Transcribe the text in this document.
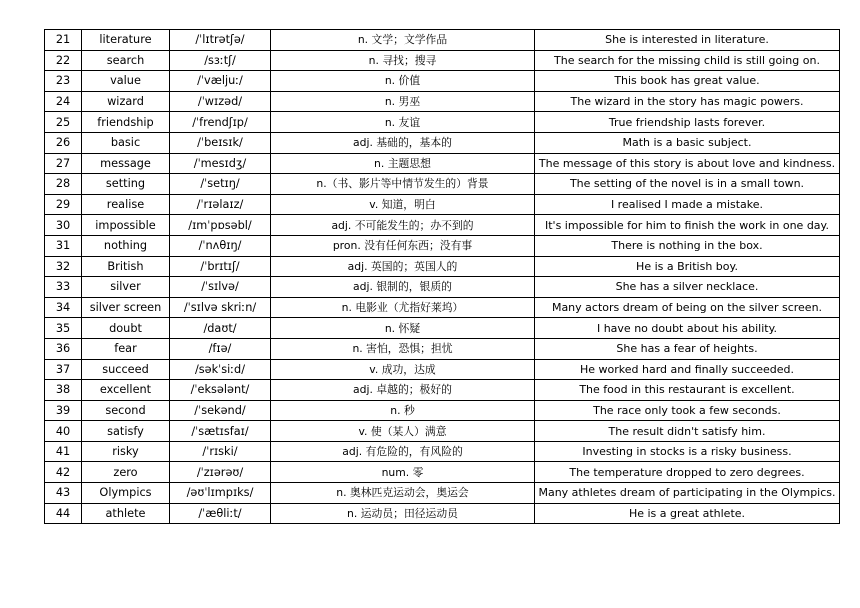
21	literature	/ˈlɪtrətʃə/	n. 文学；文学作品	She is interested in literature.
22	search	/sɜːtʃ/	n. 寻找；搜寻	The search for the missing child is still going on.
23	value	/ˈvæljuː/	n. 价值	This book has great value.
24	wizard	/ˈwɪzəd/	n. 男巫	The wizard in the story has magic powers.
25	friendship	/ˈfrendʃɪp/	n. 友谊	True friendship lasts forever.
26	basic	/ˈbeɪsɪk/	adj. 基础的，基本的	Math is a basic subject.
27	message	/ˈmesɪdʒ/	n. 主题思想	The message of this story is about love and kindness.
28	setting	/ˈsetɪŋ/	n.（书、影片等中情节发生的）背景	The setting of the novel is in a small town.
29	realise	/ˈrɪəlaɪz/	v. 知道，明白	I realised I made a mistake.
30	impossible	/ɪmˈpɒsəbl/	adj. 不可能发生的；办不到的	It's impossible for him to finish the work in one day.
31	nothing	/ˈnʌθɪŋ/	pron. 没有任何东西；没有事	There is nothing in the box.
32	British	/ˈbrɪtɪʃ/	adj. 英国的；英国人的	He is a British boy.
33	silver	/ˈsɪlvə/	adj. 银制的，银质的	She has a silver necklace.
34	silver screen	/ˈsɪlvə skriːn/	n. 电影业（尤指好莱坞）	Many actors dream of being on the silver screen.
35	doubt	/daʊt/	n. 怀疑	I have no doubt about his ability.
36	fear	/fɪə/	n. 害怕，恐惧；担忧	She has a fear of heights.
37	succeed	/səkˈsiːd/	v. 成功，达成	He worked hard and finally succeeded.
38	excellent	/ˈeksələnt/	adj. 卓越的；极好的	The food in this restaurant is excellent.
39	second	/ˈsekənd/	n. 秒	The race only took a few seconds.
40	satisfy	/ˈsætɪsfaɪ/	v. 使（某人）满意	The result didn't satisfy him.
41	risky	/ˈrɪski/	adj. 有危险的，有风险的	Investing in stocks is a risky business.
42	zero	/ˈzɪərəʊ/	num. 零	The temperature dropped to zero degrees.
43	Olympics	/əʊˈlɪmpɪks/	n. 奥林匹克运动会，奥运会	Many athletes dream of participating in the Olympics.
44	athlete	/ˈæθliːt/	n. 运动员；田径运动员	He is a great athlete.
